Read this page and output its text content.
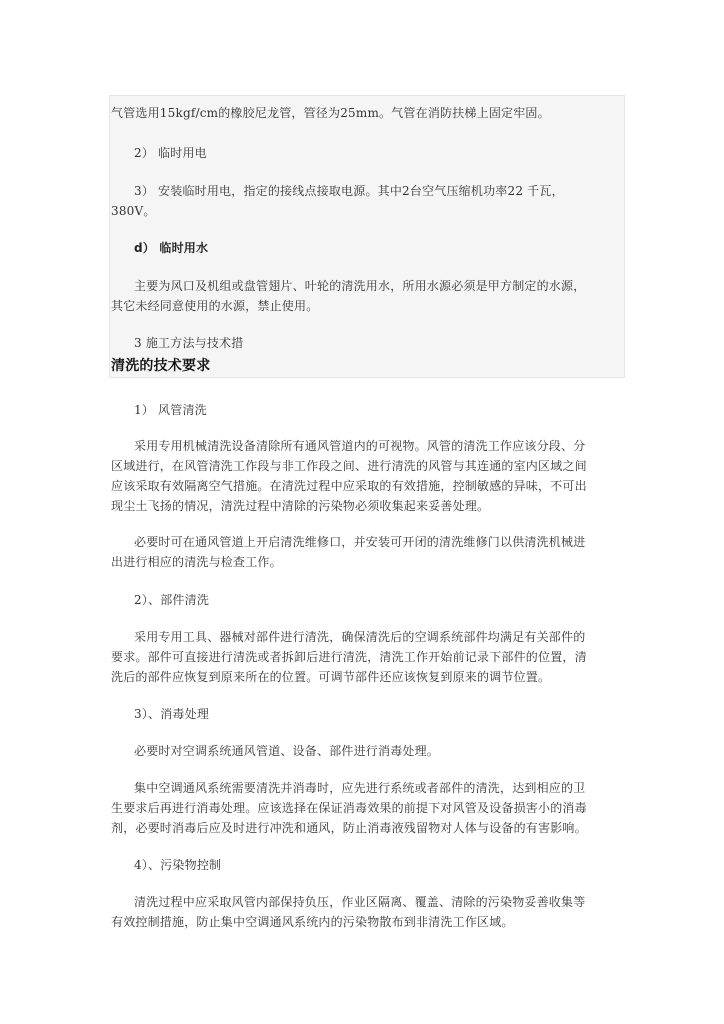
气管选用15kgf/cm的橡胶尼龙管，管径为25mm。气管在消防扶梯上固定牢固。
2） 临时用电
3） 安装临时用电，指定的接线点接取电源。其中2台空气压缩机功率22 千瓦，
380V。
d） 临时用水
主要为风口及机组或盘管翅片、叶轮的清洗用水，所用水源必须是甲方制定的水源，
其它未经同意使用的水源，禁止使用。
3 施工方法与技术措
清洗的技术要求
1） 风管清洗
采用专用机械清洗设备清除所有通风管道内的可视物。风管的清洗工作应该分段、分
区域进行，在风管清洗工作段与非工作段之间、进行清洗的风管与其连通的室内区域之间
应该采取有效隔离空气措施。在清洗过程中应采取的有效措施，控制敏感的异味，不可出
现尘土飞扬的情况，清洗过程中清除的污染物必须收集起来妥善处理。
必要时可在通风管道上开启清洗维修口，并安装可开闭的清洗维修门以供清洗机械进
出进行相应的清洗与检查工作。
2）、部件清洗
采用专用工具、器械对部件进行清洗，确保清洗后的空调系统部件均满足有关部件的
要求。部件可直接进行清洗或者拆卸后进行清洗，清洗工作开始前记录下部件的位置，清
洗后的部件应恢复到原来所在的位置。可调节部件还应该恢复到原来的调节位置。
3）、消毒处理
必要时对空调系统通风管道、设备、部件进行消毒处理。
集中空调通风系统需要清洗并消毒时，应先进行系统或者部件的清洗，达到相应的卫
生要求后再进行消毒处理。应该选择在保证消毒效果的前提下对风管及设备损害小的消毒
剂，必要时消毒后应及时进行冲洗和通风，防止消毒液残留物对人体与设备的有害影响。
4）、污染物控制
清洗过程中应采取风管内部保持负压，作业区隔离、覆盖、清除的污染物妥善收集等
有效控制措施，防止集中空调通风系统内的污染物散布到非清洗工作区域。
